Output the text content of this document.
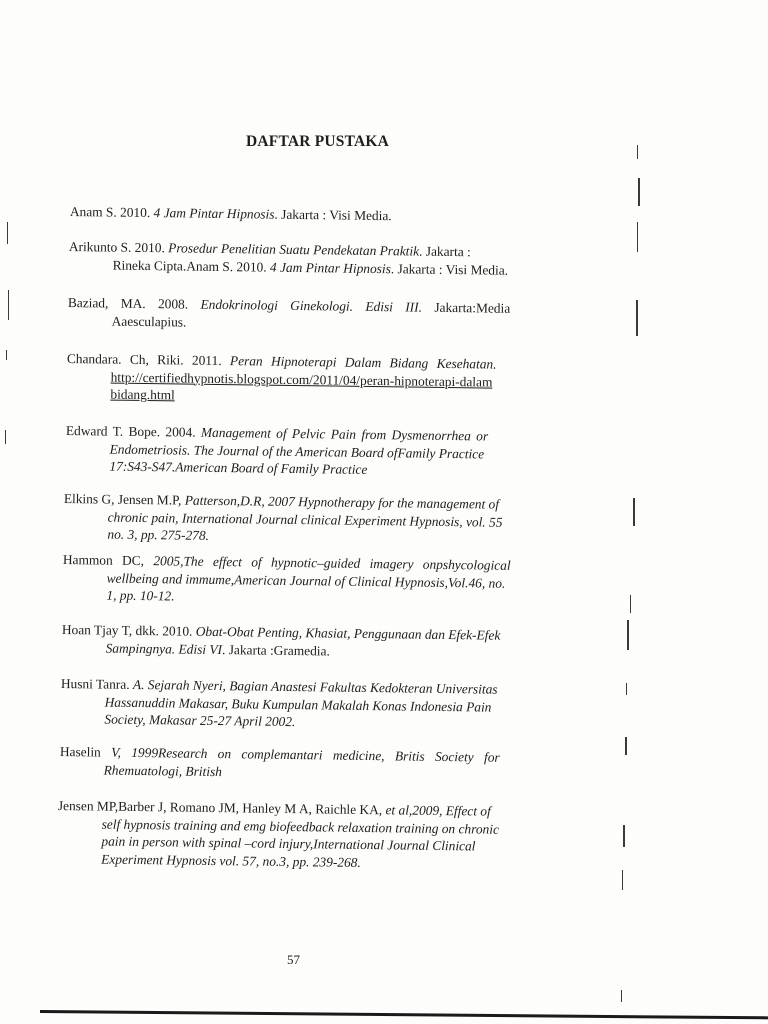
DAFTAR PUSTAKA
Anam S. 2010. 4 Jam Pintar Hipnosis. Jakarta : Visi Media.
Arikunto S. 2010. Prosedur Penelitian Suatu Pendekatan Praktik. Jakarta :
Rineka Cipta.Anam S. 2010. 4 Jam Pintar Hipnosis. Jakarta : Visi Media.
Baziad, MA. 2008. Endokrinologi Ginekologi. Edisi III. Jakarta:Media
Aaesculapius.
Chandara. Ch, Riki. 2011. Peran Hipnoterapi Dalam Bidang Kesehatan.
http://certifiedhypnotis.blogspot.com/2011/04/peran-hipnoterapi-dalam
bidang.html
Edward T. Bope. 2004. Management of Pelvic Pain from Dysmenorrhea or
Endometriosis. The Journal of the American Board ofFamily Practice
17:S43-S47.American Board of Family Practice
Elkins G, Jensen M.P, Patterson,D.R, 2007 Hypnotherapy for the management of
chronic pain, International Journal clinical Experiment Hypnosis, vol. 55
no. 3, pp. 275-278.
Hammon DC, 2005,The effect of hypnotic–guided imagery onpshycological
wellbeing and immume,American Journal of Clinical Hypnosis,Vol.46, no.
1, pp. 10-12.
Hoan Tjay T, dkk. 2010. Obat-Obat Penting, Khasiat, Penggunaan dan Efek-Efek
Sampingnya. Edisi VI. Jakarta :Gramedia.
Husni Tanra. A. Sejarah Nyeri, Bagian Anastesi Fakultas Kedokteran Universitas
Hassanuddin Makasar, Buku Kumpulan Makalah Konas Indonesia Pain
Society, Makasar 25-27 April 2002.
Haselin V, 1999Research on complemantari medicine, Britis Society for
Rhemuatologi, British
Jensen MP,Barber J, Romano JM, Hanley M A, Raichle KA, et al,2009, Effect of
self hypnosis training and emg biofeedback relaxation training on chronic
pain in person with spinal –cord injury,International Journal Clinical
Experiment Hypnosis vol. 57, no.3, pp. 239-268.
57
